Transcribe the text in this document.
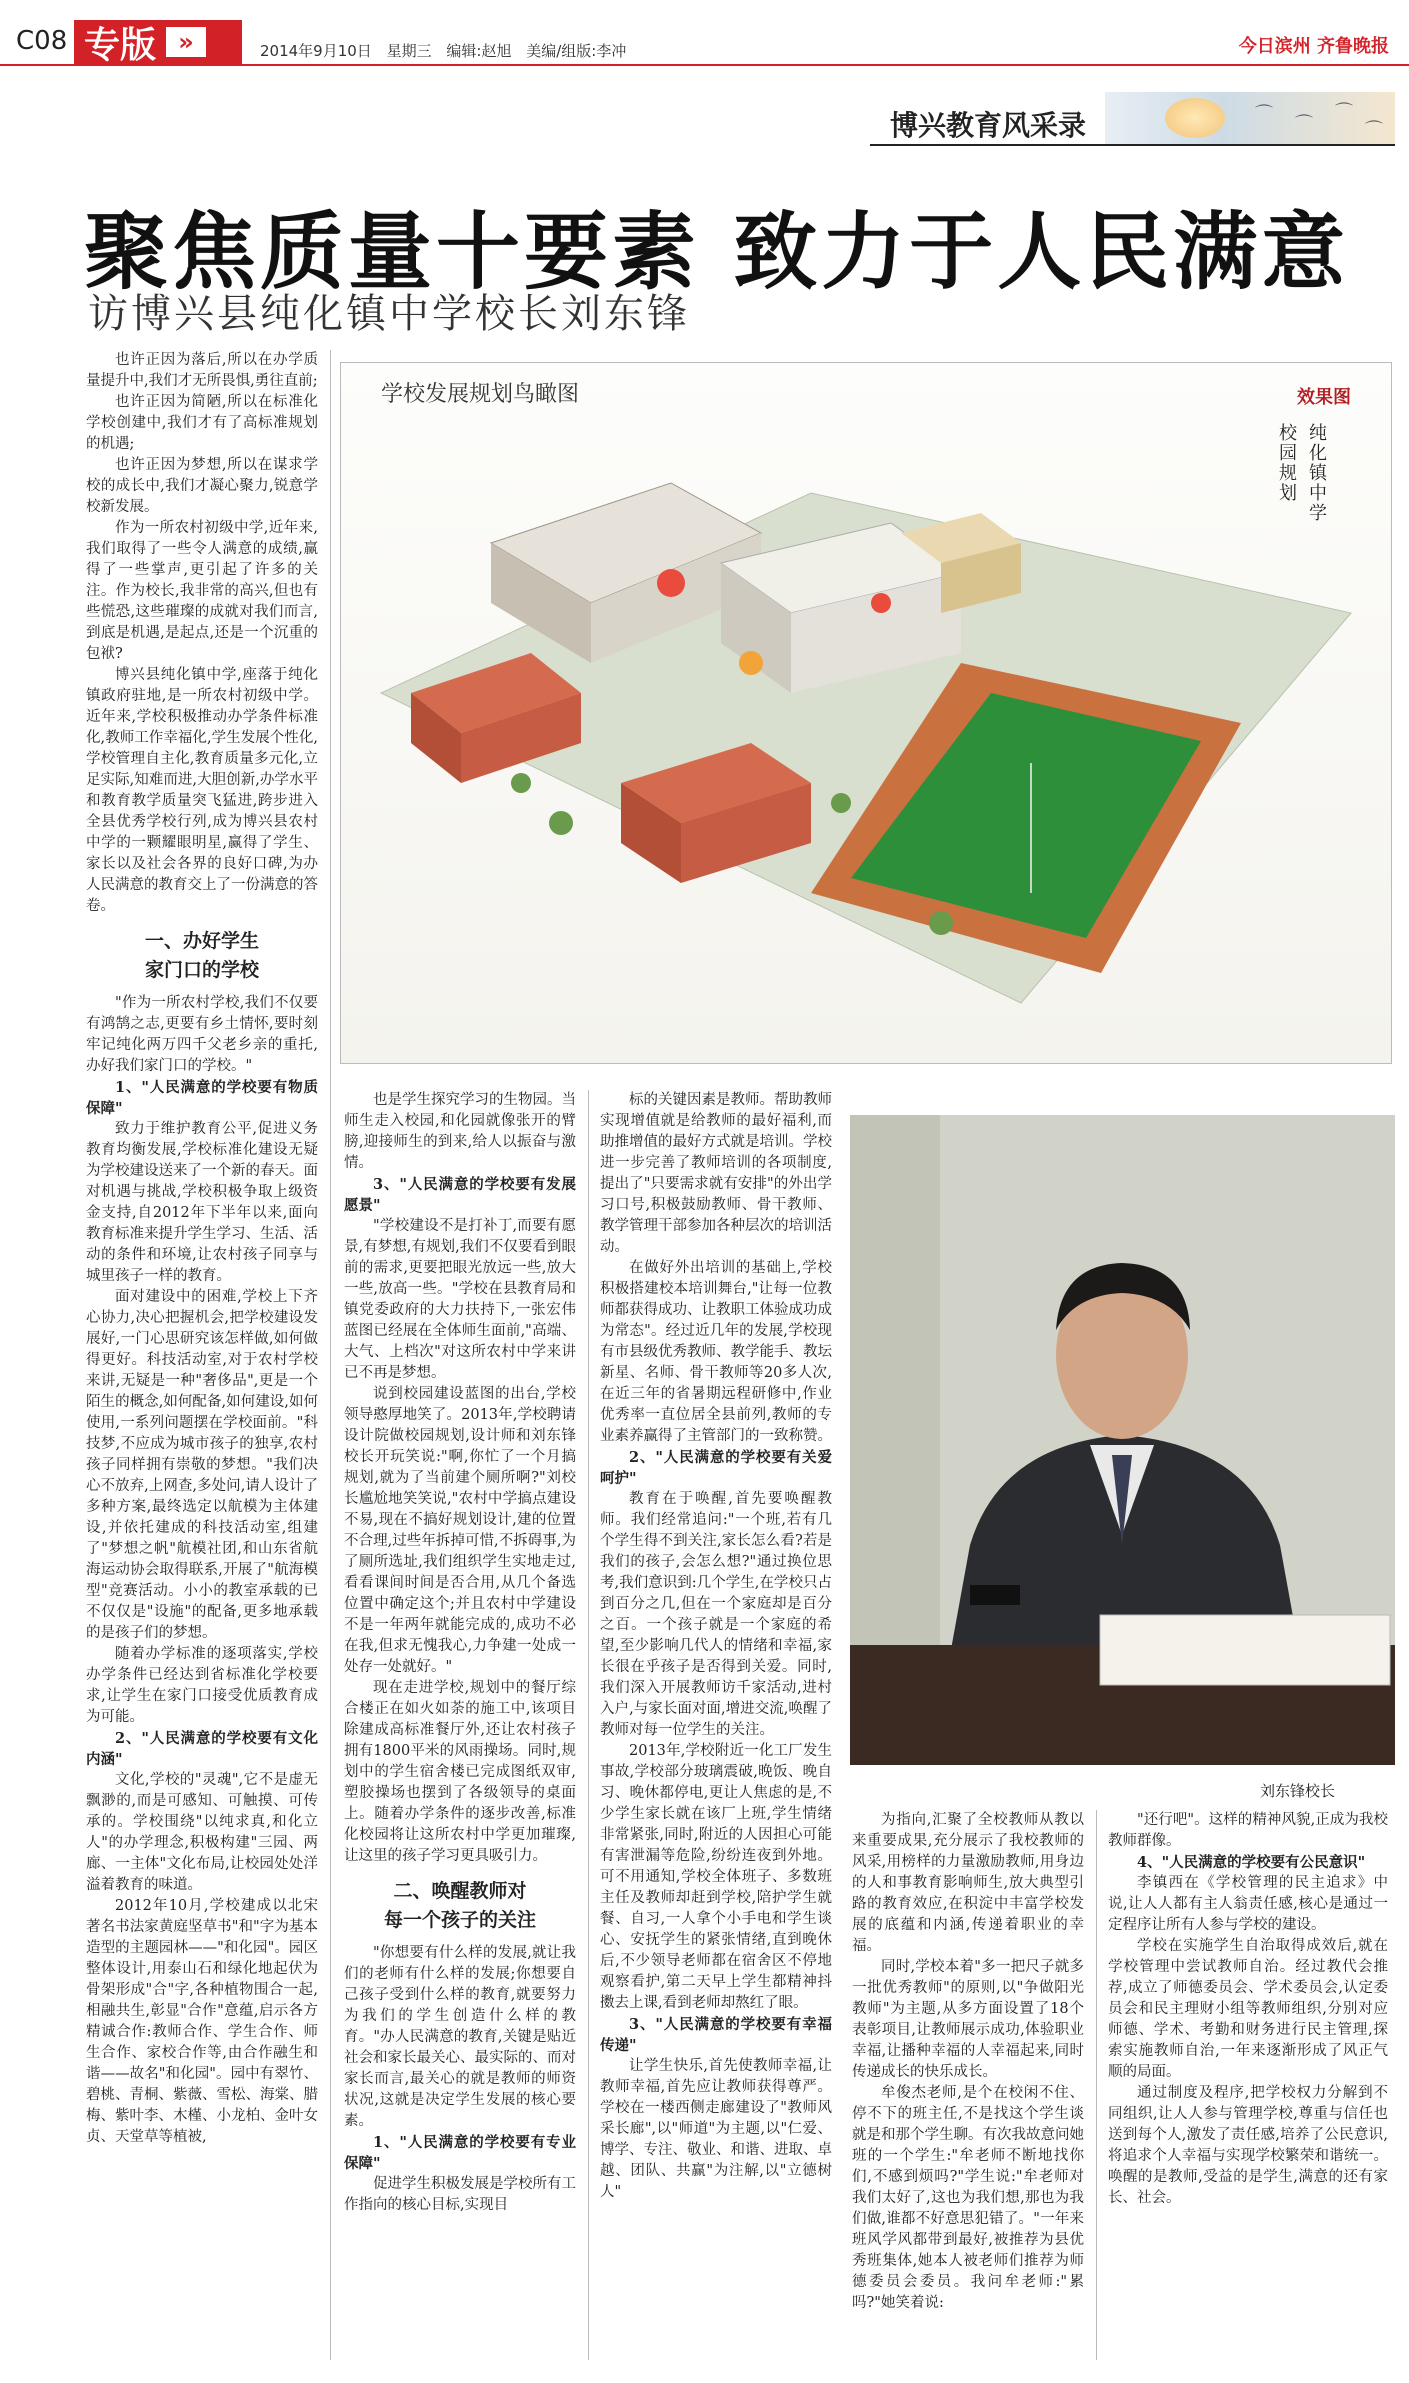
C08 专版 »	2014年9月10日 星期三 编辑:赵旭 美编/组版:李冲	今日滨州 齐鲁晚报
博兴教育风采录	⌒ ⌒
⌒
⌒
聚焦质量十要素 致力于人民满意
访博兴县纯化镇中学校长刘东锋

也许正因为落后,所以在办学质量提升中,我们才无所畏惧,勇往直前;

也许正因为简陋,所以在标准化学校创建中,我们才有了高标准规划的机遇;

也许正因为梦想,所以在谋求学校的成长中,我们才凝心聚力,锐意学校新发展。

作为一所农村初级中学,近年来,我们取得了一些令人满意的成绩,赢得了一些掌声,更引起了许多的关注。作为校长,我非常的高兴,但也有些慌恐,这些璀璨的成就对我们而言,到底是机遇,是起点,还是一个沉重的包袱?

博兴县纯化镇中学,座落于纯化镇政府驻地,是一所农村初级中学。近年来,学校积极推动办学条件标准化,教师工作幸福化,学生发展个性化,学校管理自主化,教育质量多元化,立足实际,知难而进,大胆创新,办学水平和教育教学质量突飞猛进,跨步进入全县优秀学校行列,成为博兴县农村中学的一颗耀眼明星,赢得了学生、家长以及社会各界的良好口碑,为办人民满意的教育交上了一份满意的答卷。

一、办好学生
家门口的学校

"作为一所农村学校,我们不仅要有鸿鹄之志,更要有乡土情怀,要时刻牢记纯化两万四千父老乡亲的重托,办好我们家门口的学校。"

1、"人民满意的学校要有物质保障"

致力于维护教育公平,促进义务教育均衡发展,学校标准化建设无疑为学校建设送来了一个新的春天。面对机遇与挑战,学校积极争取上级资金支持,自2012年下半年以来,面向教育标准来提升学生学习、生活、活动的条件和环境,让农村孩子同享与城里孩子一样的教育。

面对建设中的困难,学校上下齐心协力,决心把握机会,把学校建设发展好,一门心思研究该怎样做,如何做得更好。科技活动室,对于农村学校来讲,无疑是一种"奢侈品",更是一个陌生的概念,如何配备,如何建设,如何使用,一系列问题摆在学校面前。"科技梦,不应成为城市孩子的独享,农村孩子同样拥有崇敬的梦想。"我们决心不放弃,上网查,多处问,请人设计了多种方案,最终选定以航模为主体建设,并依托建成的科技活动室,组建了"梦想之帆"航模社团,和山东省航海运动协会取得联系,开展了"航海模型"竞赛活动。小小的教室承载的已不仅仅是"设施"的配备,更多地承载的是孩子们的梦想。

随着办学标准的逐项落实,学校办学条件已经达到省标准化学校要求,让学生在家门口接受优质教育成为可能。

2、"人民满意的学校要有文化内涵"

文化,学校的"灵魂",它不是虚无飘渺的,而是可感知、可触摸、可传承的。学校围绕"以纯求真,和化立人"的办学理念,积极构建"三园、两廊、一主体"文化布局,让校园处处洋溢着教育的味道。

2012年10月,学校建成以北宋著名书法家黄庭坚草书"和"字为基本造型的主题园林——"和化园"。园区整体设计,用泰山石和绿化地起伏为骨架形成"合"字,各种植物围合一起,相融共生,彰显"合作"意蕴,启示各方精诚合作:教师合作、学生合作、师生合作、家校合作等,由合作融生和谐——故名"和化园"。园中有翠竹、碧桃、青桐、紫薇、雪松、海棠、腊梅、紫叶李、木槿、小龙柏、金叶女贞、天堂草等植被,

学校发展规划鸟瞰图	效果图
纯化镇中学
校园规划

也是学生探究学习的生物园。当师生走入校园,和化园就像张开的臂膀,迎接师生的到来,给人以振奋与激情。

3、"人民满意的学校要有发展愿景"

"学校建设不是打补丁,而要有愿景,有梦想,有规划,我们不仅要看到眼前的需求,更要把眼光放远一些,放大一些,放高一些。"学校在县教育局和镇党委政府的大力扶持下,一张宏伟蓝图已经展在全体师生面前,"高端、大气、上档次"对这所农村中学来讲已不再是梦想。

说到校园建设蓝图的出台,学校领导憨厚地笑了。2013年,学校聘请设计院做校园规划,设计师和刘东锋校长开玩笑说:"啊,你忙了一个月搞规划,就为了当前建个厕所啊?"刘校长尴尬地笑笑说,"农村中学搞点建设不易,现在不搞好规划设计,建的位置不合理,过些年拆掉可惜,不拆碍事,为了厕所选址,我们组织学生实地走过,看看课间时间是否合用,从几个备选位置中确定这个;并且农村中学建设不是一年两年就能完成的,成功不必在我,但求无愧我心,力争建一处成一处存一处就好。"

现在走进学校,规划中的餐厅综合楼正在如火如荼的施工中,该项目除建成高标准餐厅外,还让农村孩子拥有1800平米的风雨操场。同时,规划中的学生宿舍楼已完成图纸双审,塑胶操场也摆到了各级领导的桌面上。随着办学条件的逐步改善,标准化校园将让这所农村中学更加璀璨,让这里的孩子学习更具吸引力。

二、唤醒教师对
每一个孩子的关注

"你想要有什么样的发展,就让我们的老师有什么样的发展;你想要自己孩子受到什么样的教育,就要努力为我们的学生创造什么样的教育。"办人民满意的教育,关键是贴近社会和家长最关心、最实际的、而对家长而言,最关心的就是教师的师资状况,这就是决定学生发展的核心要素。

1、"人民满意的学校要有专业保障"

促进学生积极发展是学校所有工作指向的核心目标,实现目

标的关键因素是教师。帮助教师实现增值就是给教师的最好福利,而助推增值的最好方式就是培训。学校进一步完善了教师培训的各项制度,提出了"只要需求就有安排"的外出学习口号,积极鼓励教师、骨干教师、教学管理干部参加各种层次的培训活动。

在做好外出培训的基础上,学校积极搭建校本培训舞台,"让每一位教师都获得成功、让教职工体验成功成为常态"。经过近几年的发展,学校现有市县级优秀教师、教学能手、教坛新星、名师、骨干教师等20多人次,在近三年的省暑期远程研修中,作业优秀率一直位居全县前列,教师的专业素养赢得了主管部门的一致称赞。

2、"人民满意的学校要有关爱呵护"

教育在于唤醒,首先要唤醒教师。我们经常追问:"一个班,若有几个学生得不到关注,家长怎么看?若是我们的孩子,会怎么想?"通过换位思考,我们意识到:几个学生,在学校只占到百分之几,但在一个家庭却是百分之百。一个孩子就是一个家庭的希望,至少影响几代人的情绪和幸福,家长很在乎孩子是否得到关爱。同时,我们深入开展教师访千家活动,进村入户,与家长面对面,增进交流,唤醒了教师对每一位学生的关注。

2013年,学校附近一化工厂发生事故,学校部分玻璃震破,晚饭、晚自习、晚休都停电,更让人焦虑的是,不少学生家长就在该厂上班,学生情绪非常紧张,同时,附近的人因担心可能有害泄漏等危险,纷纷连夜到外地。可不用通知,学校全体班子、多数班主任及教师却赶到学校,陪护学生就餐、自习,一人拿个小手电和学生谈心、安抚学生的紧张情绪,直到晚休后,不少领导老师都在宿舍区不停地观察看护,第二天早上学生都精神抖擞去上课,看到老师却熬红了眼。

3、"人民满意的学校要有幸福传递"

让学生快乐,首先使教师幸福,让教师幸福,首先应让教师获得尊严。学校在一楼西侧走廊建设了"教师风采长廊",以"师道"为主题,以"仁爱、博学、专注、敬业、和谐、进取、卓越、团队、共赢"为注解,以"立德树人"

刘东锋校长

为指向,汇聚了全校教师从教以来重要成果,充分展示了我校教师的风采,用榜样的力量激励教师,用身边的人和事教育影响师生,放大典型引路的教育效应,在积淀中丰富学校发展的底蕴和内涵,传递着职业的幸福。

同时,学校本着"多一把尺子就多一批优秀教师"的原则,以"争做阳光教师"为主题,从多方面设置了18个表彰项目,让教师展示成功,体验职业幸福,让播种幸福的人幸福起来,同时传递成长的快乐成长。

牟俊杰老师,是个在校闲不住、停不下的班主任,不是找这个学生谈就是和那个学生聊。有次我故意问她班的一个学生:"牟老师不断地找你们,不感到烦吗?"学生说:"牟老师对我们太好了,这也为我们想,那也为我们做,谁都不好意思犯错了。"一年来班风学风都带到最好,被推荐为县优秀班集体,她本人被老师们推荐为师德委员会委员。我问牟老师:"累吗?"她笑着说:

"还行吧"。这样的精神风貌,正成为我校教师群像。

4、"人民满意的学校要有公民意识"

李镇西在《学校管理的民主追求》中说,让人人都有主人翁责任感,核心是通过一定程序让所有人参与学校的建设。

学校在实施学生自治取得成效后,就在学校管理中尝试教师自治。经过教代会推荐,成立了师德委员会、学术委员会,认定委员会和民主理财小组等教师组织,分别对应师德、学术、考勤和财务进行民主管理,探索实施教师自治,一年来逐渐形成了风正气顺的局面。

通过制度及程序,把学校权力分解到不同组织,让人人参与管理学校,尊重与信任也送到每个人,激发了责任感,培养了公民意识,将追求个人幸福与实现学校繁荣和谐统一。唤醒的是教师,受益的是学生,满意的还有家长、社会。
